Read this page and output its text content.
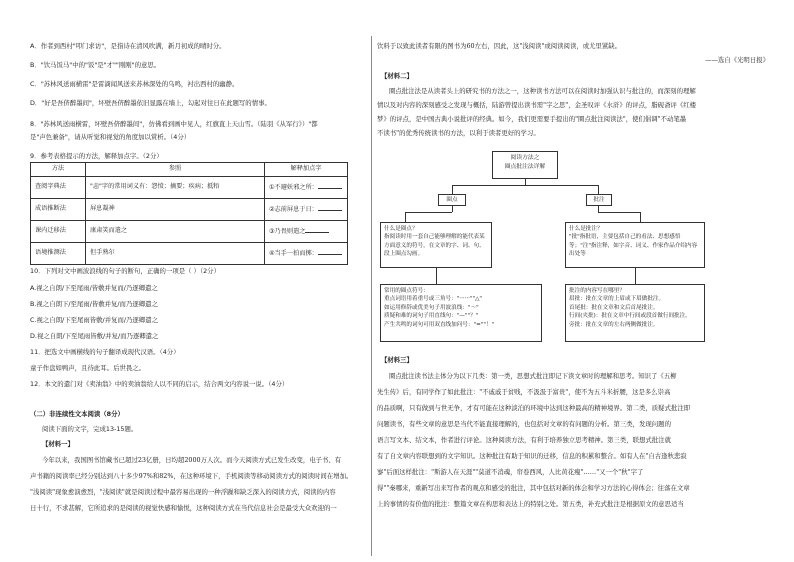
A．作者到西村"叩门求访"，是指诗在清风吹满，新月初成的晴时分。
B．"饮马饭马"中的"饭"是"才""刚刚"的意思。
C．"苏林风送雨横雷"是雷滴闻风送来苏林深处的乌鸣，衬出西村的幽静。
D．"好是吾侪醉墨间"，坏壁吾侪醉墨依旧显露在墙上，勾起对往日在此题写的情事。
8．"苏林风送雨横雷，坏壁吾侪醉墨间"，仿佛看到画中见人，红旗直上天山雪。（陆羽《从军行》）"都
是"声色兼备"，请从听觉和视觉的角度加以赏析。（4分）
9．参考表格提示的方法，解释加点字。（2分）
方法	参照	解释加点字
查阅字典法	"恚"字的常用词义有：怨愤；摘要；疾病；抵牾	①不避妖邪之所：
成语推断法	屏息凝神	②志前屏息于日：
课内迁移法	康肃笑而遣之	③乃畏则遣之
语境推测法	但手熟尔	④当手一拍而掷：
10．下列对文中画波浪线的句子的断句，正确的一项是（ ）（2分）
A.视之自朗/下至尾雨/皆敷并复而/乃逐卿遣之
B.视之自朗下/至尾雨/皆敷并复/而乃逐卿遣之
C.视之自朗/下至尾雨皆敷/并复而/乃逐卿遣之
D.视之自朗/下至尾雨皆敷/并复/而乃逐卿遣之
11．把选文中画横线的句子翻译成现代汉语。（4分）
童子作盘如鸭声，且待此耳。后世畏之。
12．本文的遣门对《卖油翁》中的卖油翁给人以不同的启示，结合两文内容说一说。（4分）
（二）非连续性文本阅读（8分）
阅读下面的文字，完成13-15题。
【材料一】
今年以来，我国图书馆藏书已超过23亿册，日均超2000万人次。而今天阅读方式已发生改变，电子书、有
声书籍的阅读率已经分别达到八十多少97%和82%，在这种环境下，手机阅读等移动阅读方式的阅读时间在增加。
"浅阅读"现象愈演愈烈，"浅阅读"就是阅读过程中最容易出现的一种浮躁和缺乏深入的阅读方式，阅读的内容
日十行，不求甚解，它所追求的是阅读的视觉快感和愉悦，这种阅读方式在当代信息社会是最受大众欢迎的一
饮料于以致此读者有限的图书为60左右，因此，这"浅阅读"或阅读阅读，或尤里紧缺。
——选自《光明日报》
【材料二】
圈点批注法是从读者头上的研究书的方法之一，这种读书方法可以在阅读时加强认识与批注的，而深刻的理解
情以及对内容的深刻感受之发现与概括，陆游曾提出读书需"字之思"，金圣叹评《水浒》的评点，脂砚斋评《红楼
梦》的评点，是中国古典小说批评的经典。如今，我们更需要手提出的"圈点批注阅读法"，使们倡调"不动笔墨
不读书"的优秀传统读书的方法，以利于读者更好的学习。
阅读方法之
圈点批注法详解
圈点	批注
什么是圈点？
指阅读时用一套自己能够理解的能代表某方面意义的符号，在文章的字、词、句、段上圈点勾画。
什么是批注？
"批"指批语，主要包括自己的看法、思想感悟等；"注"指注释，如字音、词义、作家作品介绍内容出处等
常用的圈点符号：
重点词语用着重号或三角号："······""△"
如运用修辞或优美句子用波浪线："～"
质疑和难的词句子用直线句："—""？"
产生共鸣的词句可用双直线加问号："=""！"
批注的内容写在哪里？
眉批：批在文章的上眉或下眉做批注。
首尾批：批在文章和文后首尾批注。
行间(夹批)：批在文章中行间或段首做行间批注。
旁批：批在文章的左右两侧做批注。
【材料三】
圈点批注读书法主体分为以下几类：第一类，思想式批注即记下读文章时的理解和思考。知识了《五柳
先生传》后，有同学作了如此批注："不戚戚于贫贱，不汲汲于富贵"，使不为五斗米折腰，这是多么崇高
的品质啊，只有做到与世无争，才有可能在这种淡泊的环境中达到这种最高的精神境界。第二类，质疑式批注即
问题读书，有些文章的意思是当代不能直接理解的，也包括对文章的有问题的分析。第三类，发现问题的
语言写文本、结文本，作者进行评论。这种阅读方法，有利于培养独立思考精神。第三类，联想式批注就
有了自文章内容联想到的文字知识。这种批注有助于知识的迁移，信息的积累和整合。如有人在"自古逢秋悲寂
寥"后面这样批注："斯游人在天涯""莫道不消魂，帘卷西风，人比黄花瘦"……"又一个"秋"字了
得""秦哪来，重新写出来写作者的观点和感受的批注，其中包括对新的体会和学习方法的心得体会；往落在文章
上的事情的有价值的批注：整篇文章在构思和表达上的特别之处。第五类，补充式批注是根据原文的意思适当
